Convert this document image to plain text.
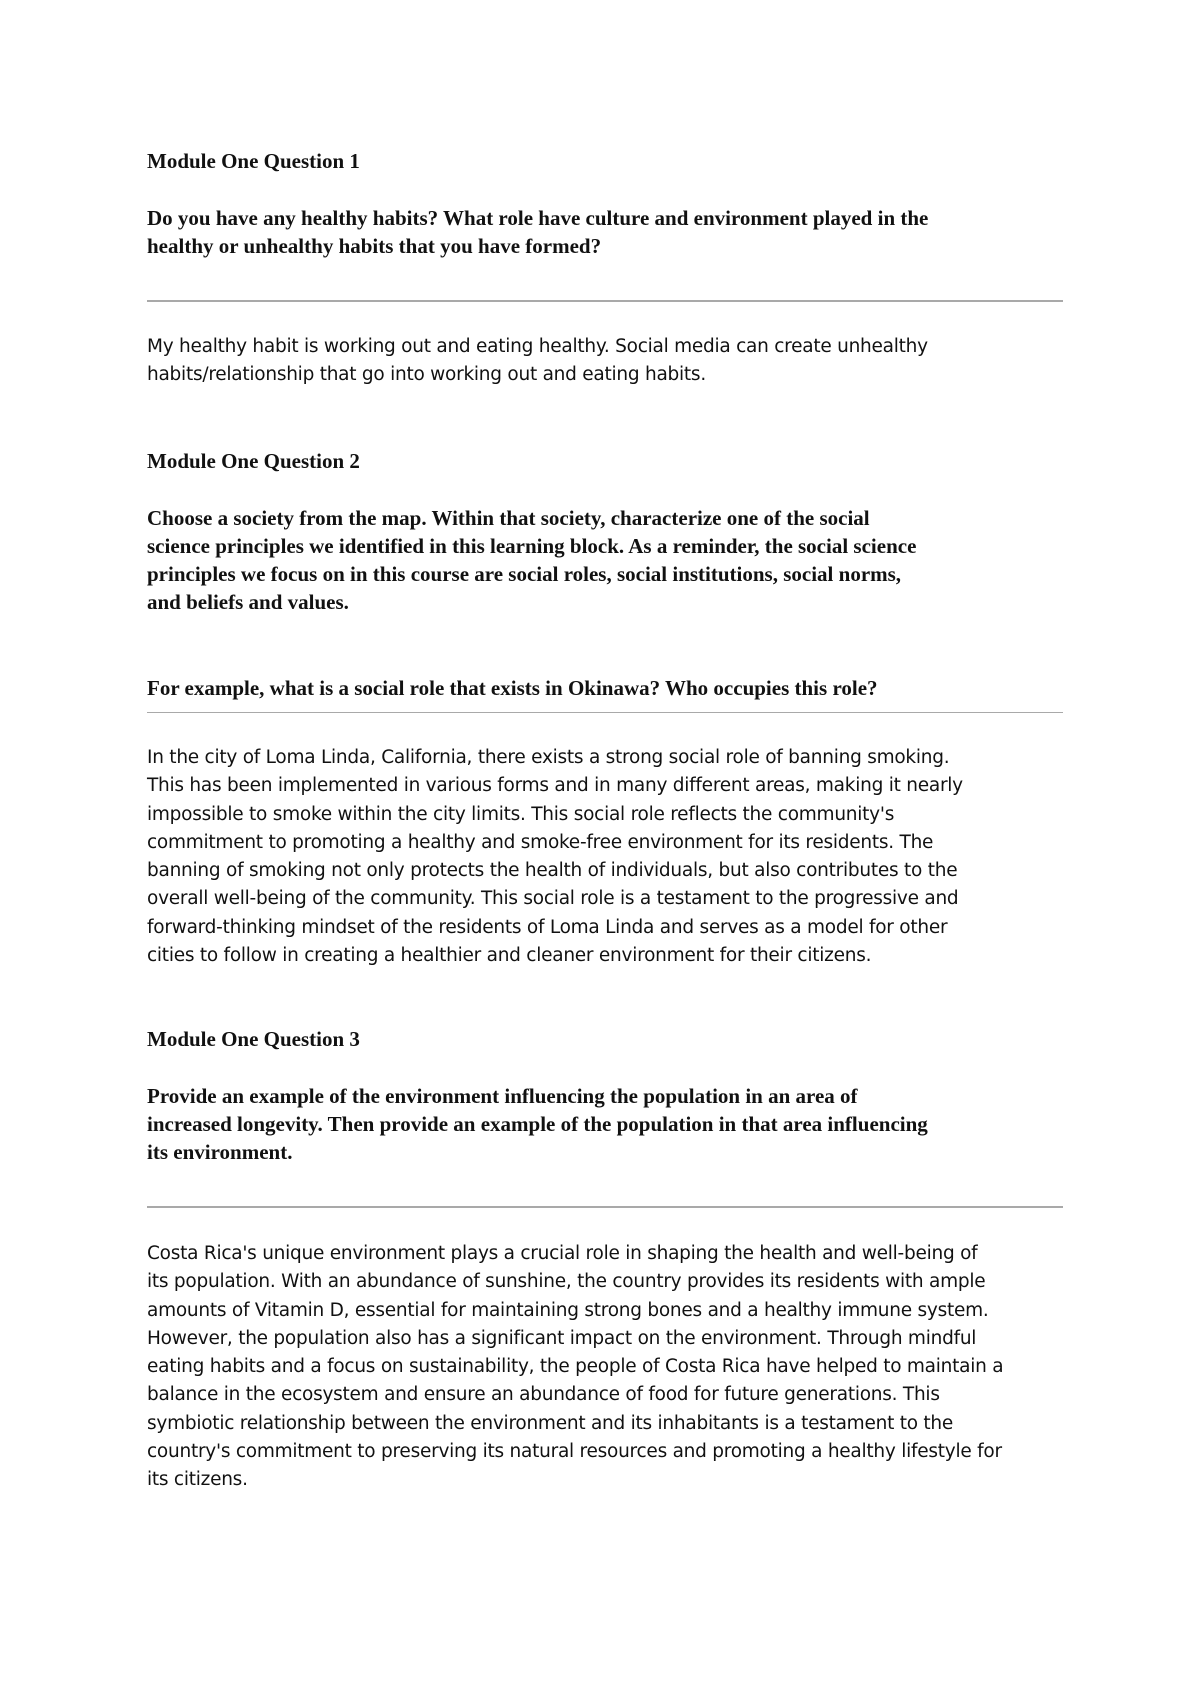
Module One Question 1

Do you have any healthy habits? What role have culture and environment played in the
healthy or unhealthy habits that you have formed?

My healthy habit is working out and eating healthy. Social media can create unhealthy
habits/relationship that go into working out and eating habits.

Module One Question 2

Choose a society from the map. Within that society, characterize one of the social
science principles we identified in this learning block. As a reminder, the social science
principles we focus on in this course are social roles, social institutions, social norms,
and beliefs and values.

For example, what is a social role that exists in Okinawa? Who occupies this role?

In the city of Loma Linda, California, there exists a strong social role of banning smoking.
This has been implemented in various forms and in many different areas, making it nearly
impossible to smoke within the city limits. This social role reflects the community's
commitment to promoting a healthy and smoke-free environment for its residents. The
banning of smoking not only protects the health of individuals, but also contributes to the
overall well-being of the community. This social role is a testament to the progressive and
forward-thinking mindset of the residents of Loma Linda and serves as a model for other
cities to follow in creating a healthier and cleaner environment for their citizens.

Module One Question 3

Provide an example of the environment influencing the population in an area of
increased longevity. Then provide an example of the population in that area influencing
its environment.

Costa Rica's unique environment plays a crucial role in shaping the health and well-being of
its population. With an abundance of sunshine, the country provides its residents with ample
amounts of Vitamin D, essential for maintaining strong bones and a healthy immune system.
However, the population also has a significant impact on the environment. Through mindful
eating habits and a focus on sustainability, the people of Costa Rica have helped to maintain a
balance in the ecosystem and ensure an abundance of food for future generations. This
symbiotic relationship between the environment and its inhabitants is a testament to the
country's commitment to preserving its natural resources and promoting a healthy lifestyle for
its citizens.
